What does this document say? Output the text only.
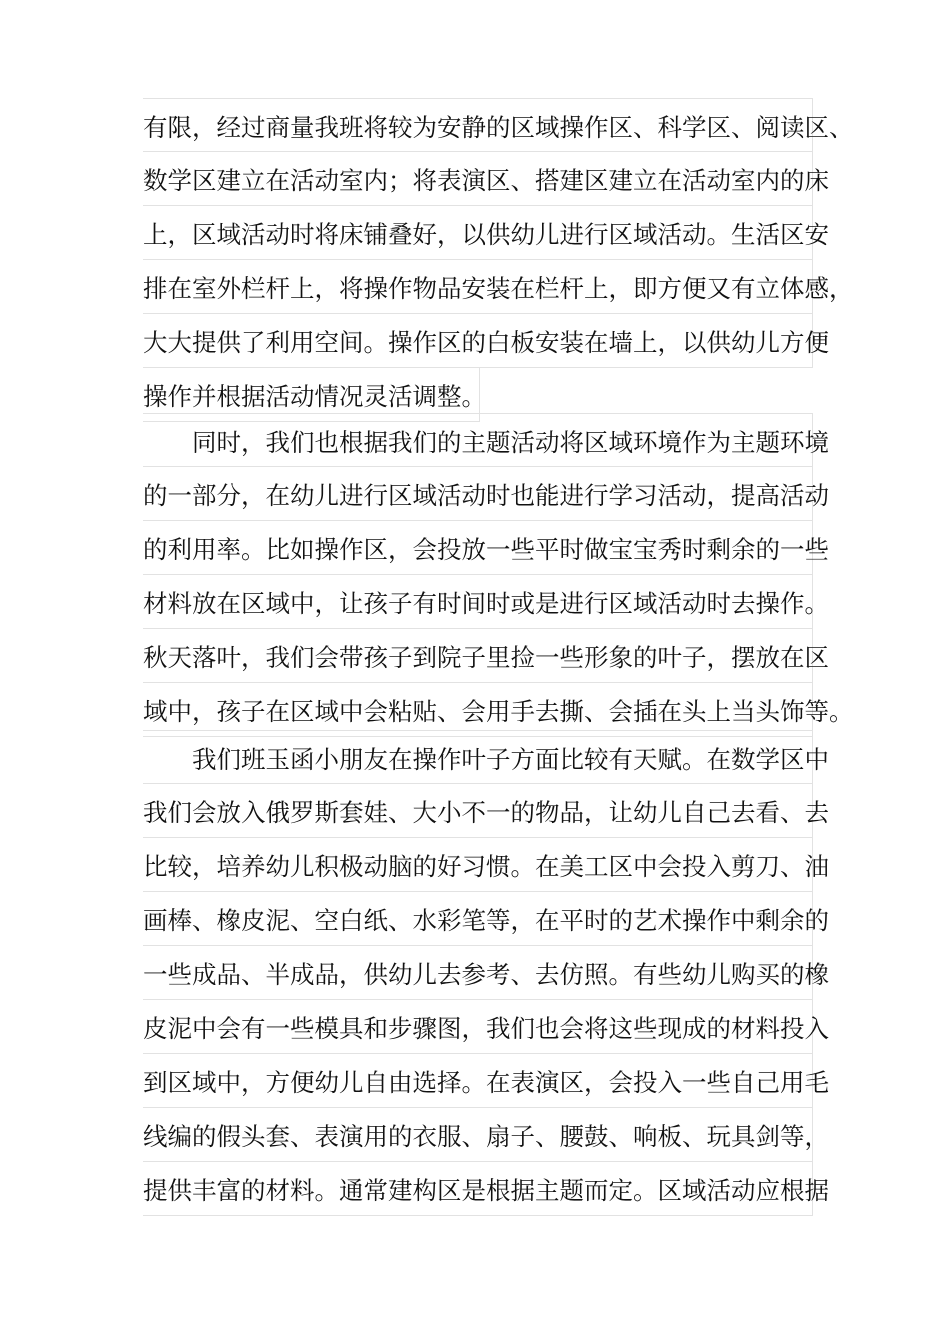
有限，经过商量我班将较为安静的区域操作区、科学区、阅读区、
数学区建立在活动室内；将表演区、搭建区建立在活动室内的床
上，区域活动时将床铺叠好，以供幼儿进行区域活动。生活区安
排在室外栏杆上，将操作物品安装在栏杆上，即方便又有立体感，
大大提供了利用空间。操作区的白板安装在墙上，以供幼儿方便
操作并根据活动情况灵活调整。
同时，我们也根据我们的主题活动将区域环境作为主题环境
的一部分，在幼儿进行区域活动时也能进行学习活动，提高活动
的利用率。比如操作区，会投放一些平时做宝宝秀时剩余的一些
材料放在区域中，让孩子有时间时或是进行区域活动时去操作。
秋天落叶，我们会带孩子到院子里捡一些形象的叶子，摆放在区
域中，孩子在区域中会粘贴、会用手去撕、会插在头上当头饰等。
我们班玉函小朋友在操作叶子方面比较有天赋。在数学区中
我们会放入俄罗斯套娃、大小不一的物品，让幼儿自己去看、去
比较，培养幼儿积极动脑的好习惯。在美工区中会投入剪刀、油
画棒、橡皮泥、空白纸、水彩笔等，在平时的艺术操作中剩余的
一些成品、半成品，供幼儿去参考、去仿照。有些幼儿购买的橡
皮泥中会有一些模具和步骤图，我们也会将这些现成的材料投入
到区域中，方便幼儿自由选择。在表演区，会投入一些自己用毛
线编的假头套、表演用的衣服、扇子、腰鼓、响板、玩具剑等，
提供丰富的材料。通常建构区是根据主题而定。区域活动应根据
